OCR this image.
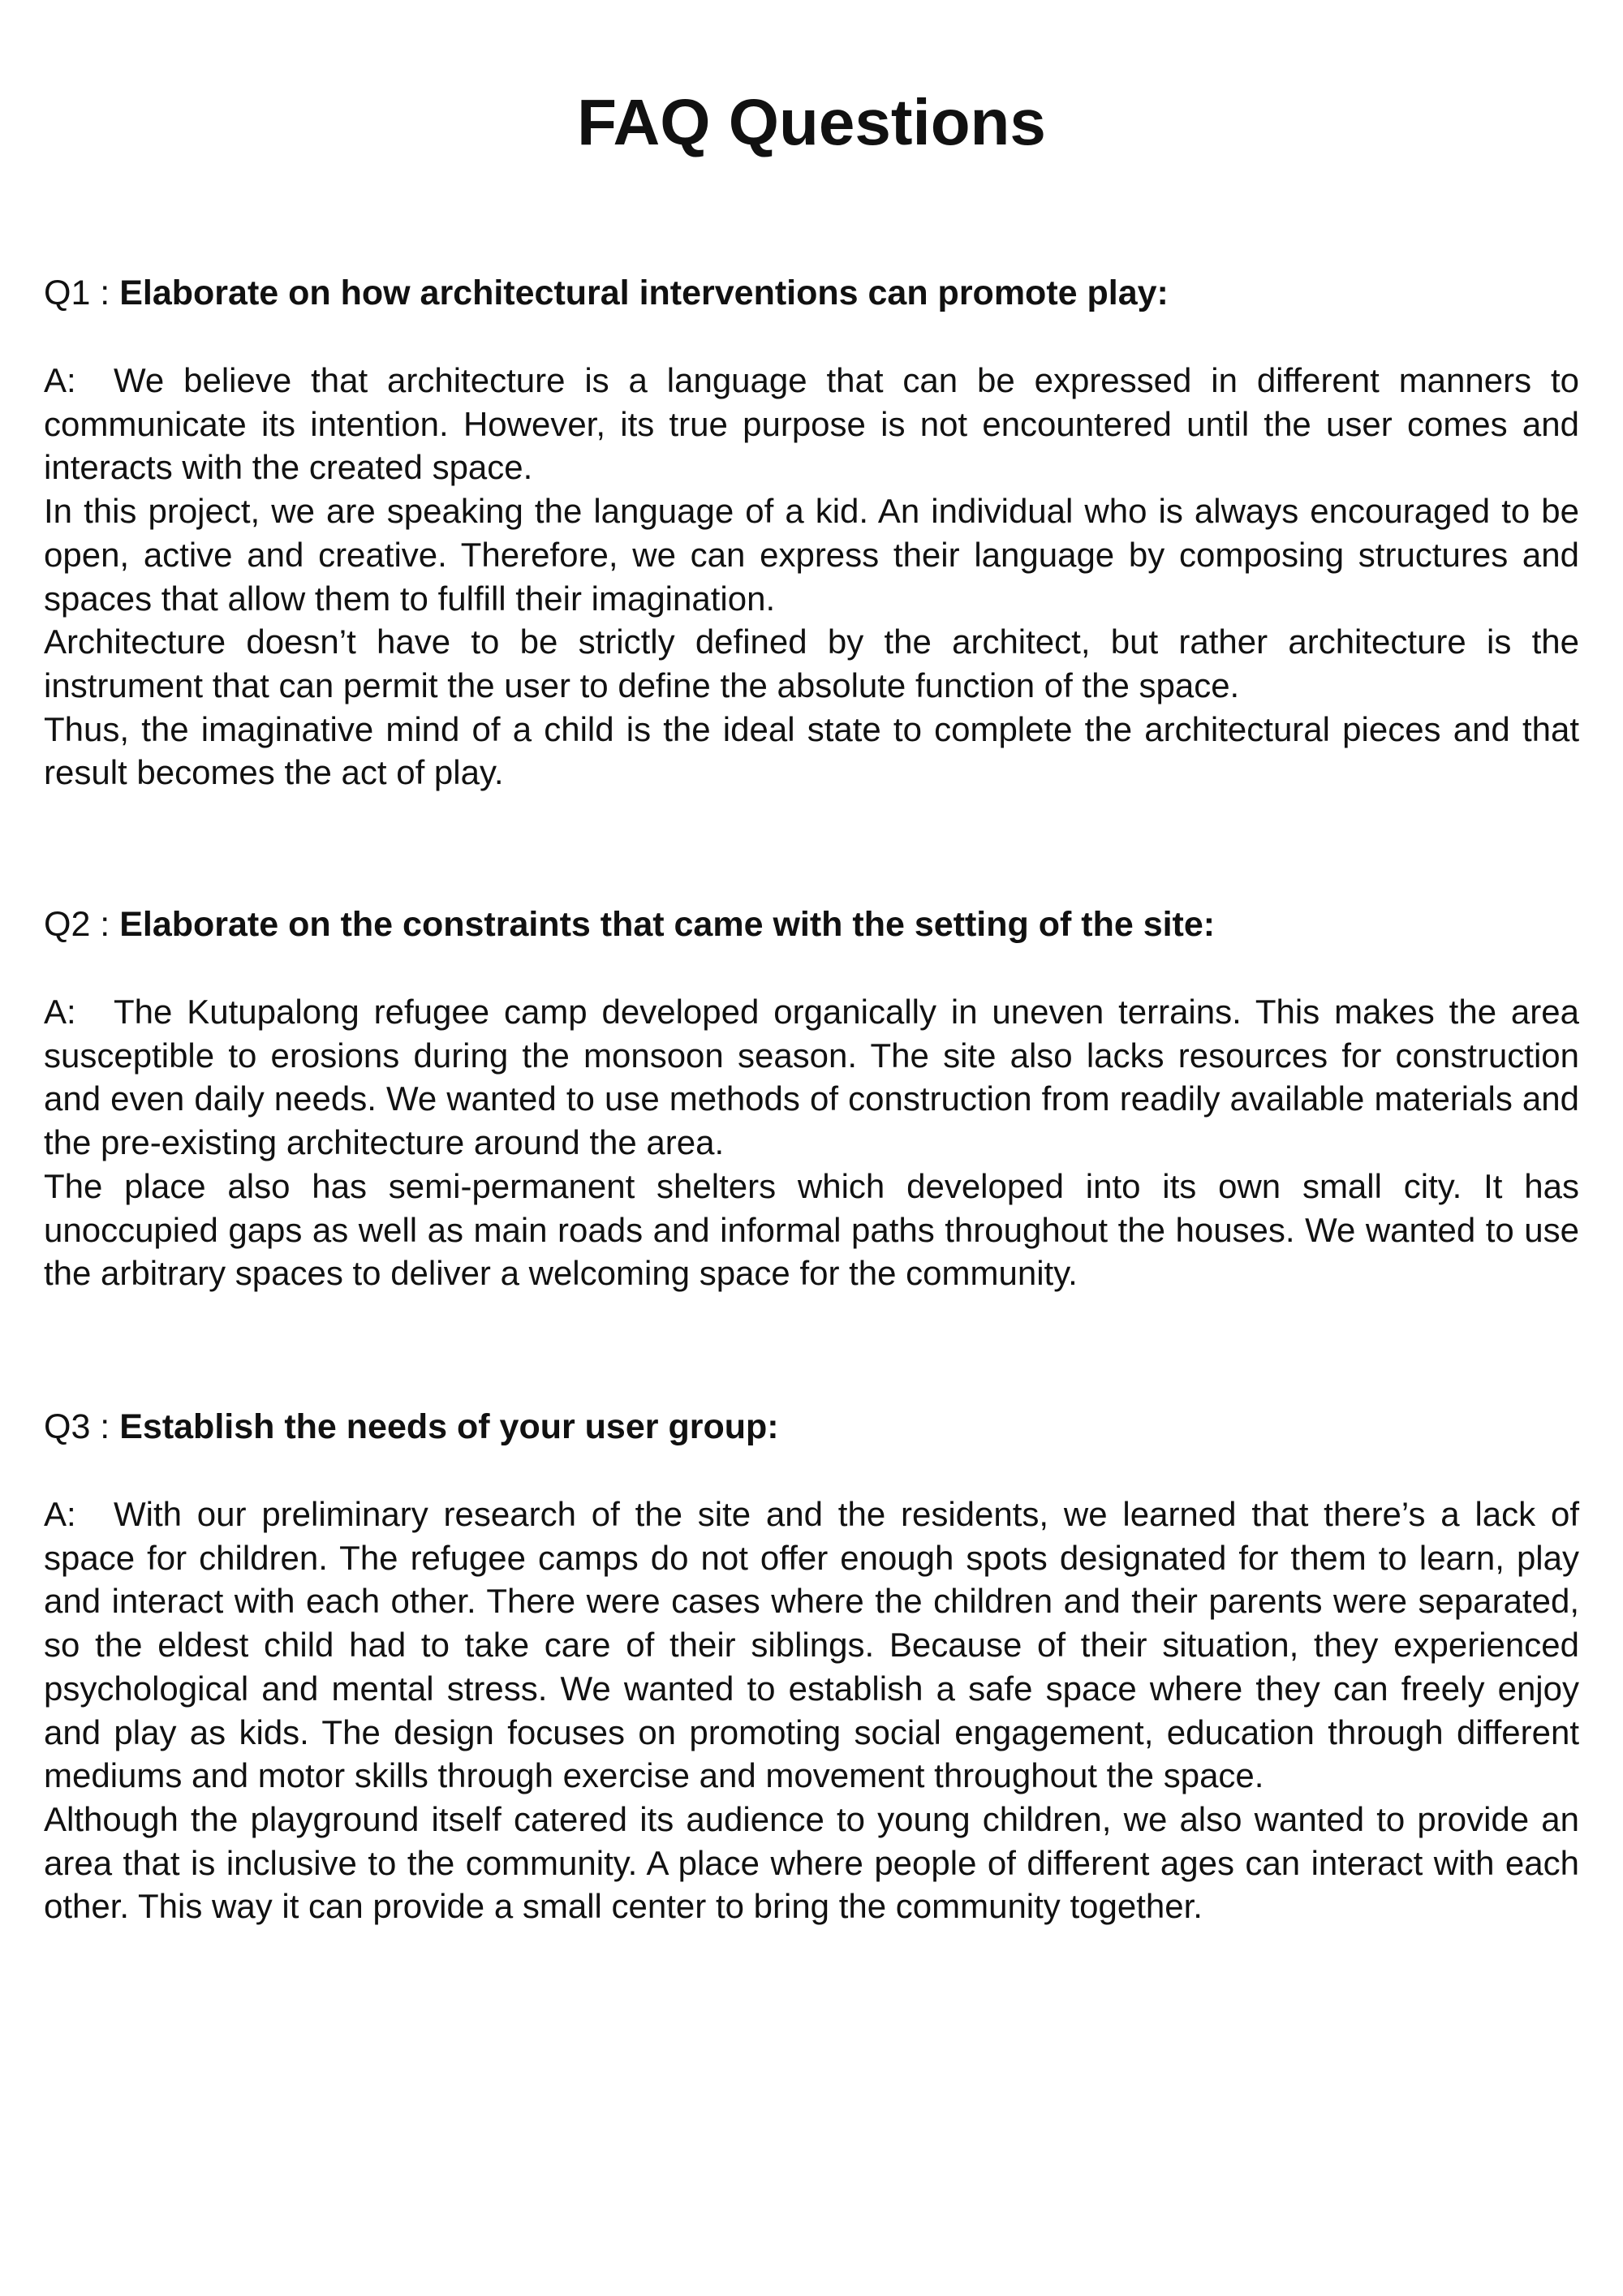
FAQ Questions
Q1 : Elaborate on how architectural interventions can promote play:

A: We believe that architecture is a language that can be expressed in different manners to communicate its intention. However, its true purpose is not encountered until the user comes and interacts with the created space.

In this project, we are speaking the language of a kid. An individual who is always encouraged to be open, active and creative. Therefore, we can express their language by composing structures and spaces that allow them to fulfill their imagination.

Architecture doesn’t have to be strictly defined by the architect, but rather architecture is the instrument that can permit the user to define the absolute function of the space.

Thus, the imaginative mind of a child is the ideal state to complete the architectural pieces and that result becomes the act of play.

Q2 : Elaborate on the constraints that came with the setting of the site:

A: The Kutupalong refugee camp developed organically in uneven terrains. This makes the area susceptible to erosions during the monsoon season. The site also lacks resources for construction and even daily needs. We wanted to use methods of construction from readily available materials and the pre-existing architecture around the area.

The place also has semi-permanent shelters which developed into its own small city. It has unoccupied gaps as well as main roads and informal paths throughout the houses. We wanted to use the arbitrary spaces to deliver a welcoming space for the community.

Q3 : Establish the needs of your user group:

A: With our preliminary research of the site and the residents, we learned that there’s a lack of space for children. The refugee camps do not offer enough spots designated for them to learn, play and interact with each other. There were cases where the children and their parents were separated, so the eldest child had to take care of their siblings. Because of their situation, they experienced psychological and mental stress. We wanted to establish a safe space where they can freely enjoy and play as kids. The design focuses on promoting social engagement, education through different mediums and motor skills through exercise and movement throughout the space.

Although the playground itself catered its audience to young children, we also wanted to provide an area that is inclusive to the community. A place where people of different ages can interact with each other. This way it can provide a small center to bring the community together.
